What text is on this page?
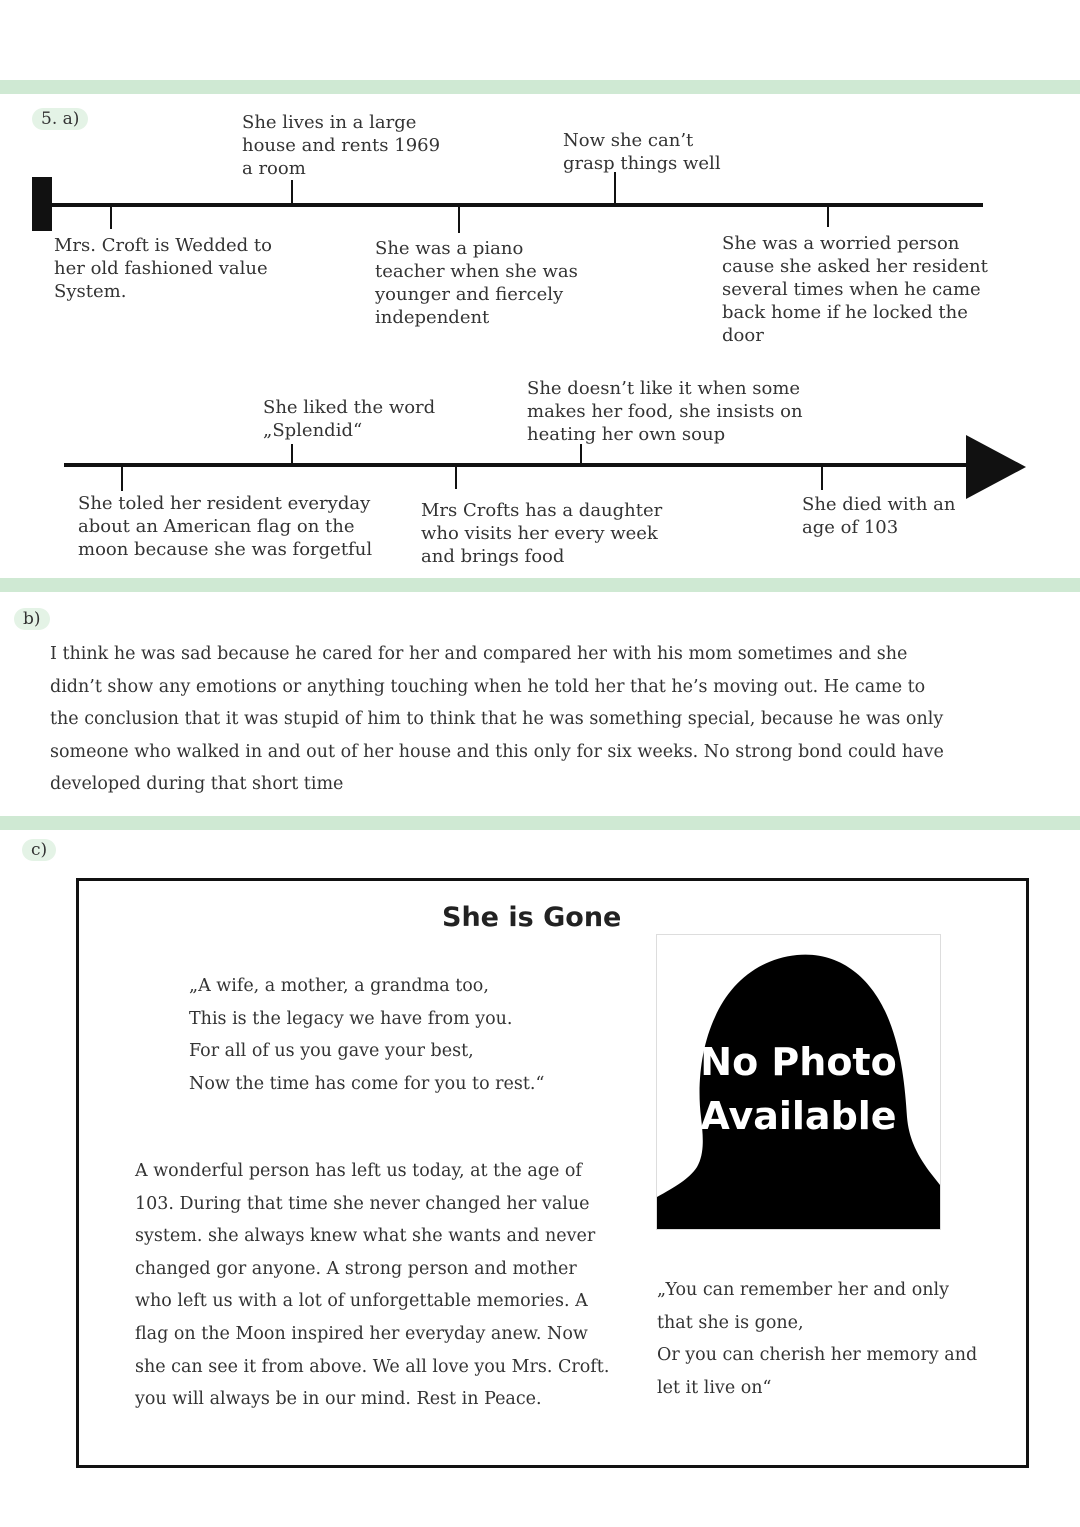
5. a)	She lives in a large
house and rents 1969
a room
Now she can’t
grasp things well
Mrs. Croft is Wedded to
her old fashioned value
System.
She was a piano
teacher when she was
younger and fiercely
independent
She was a worried person
cause she asked her resident
several times when he came
back home if he locked the
door
She liked the word
„Splendid“
She doesn’t like it when some
makes her food, she insists on
heating her own soup
She toled her resident everyday
about an American flag on the
moon because she was forgetful
Mrs Crofts has a daughter
who visits her every week
and brings food
She died with an
age of 103
b)

I think he was sad because he cared for her and compared her with his mom sometimes and she

didn’t show any emotions or anything touching when he told her that he’s moving out. He came to

the conclusion that it was stupid of him to think that he was something special, because he was only

someone who walked in and out of her house and this only for six weeks. No strong bond could have

developed during that short time

c)
She is Gone

„A wife, a mother, a grandma too,

This is the legacy we have from you.

For all of us you gave your best,

Now the time has come for you to rest.“	No Photo
Available

A wonderful person has left us today, at the age of

103. During that time she never changed her value

system. she always knew what she wants and never

changed gor anyone. A strong person and mother

who left us with a lot of unforgettable memories. A

flag on the Moon inspired her everyday anew. Now

she can see it from above. We all love you Mrs. Croft.

you will always be in our mind. Rest in Peace.

„You can remember her and only

that she is gone,

Or you can cherish her memory and

let it live on“
